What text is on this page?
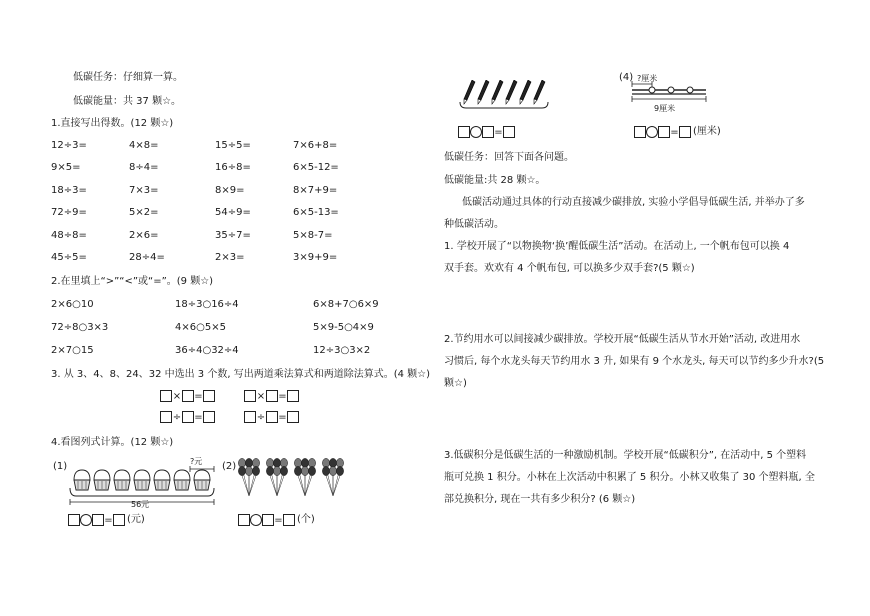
低碳任务：仔细算一算。
低碳能量：共 37 颗☆。
1.直接写出得数。(12 颗☆)
12÷3=	4×8=	15÷5=	7×6+8=
9×5=	8÷4=	16÷8=	6×5-12=
18÷3=	7×3=	8×9=	8×7+9=
72÷9=	5×2=	54÷9=	6×5-13=
48÷8=	2×6=	35÷7=	5×8-7=
45÷5=	28÷4=	2×3=	3×9+9=
2.在里填上“>”“<”或“=”。(9 颗☆)
2×6○10	18÷3○16÷4	6×8+7○6×9
72÷8○3×3	4×6○5×5	5×9-5○4×9
2×7○15	36÷4○32÷4	12÷3○3×2
3. 从 3、4、8、24、32 中选出 3 个数, 写出两道乘法算式和两道除法算式。(4 颗☆)
× =	× =
÷ =	÷ =
4.看图列式计算。(12 颗☆)
(1)	?元
56元
= (元)
(2)
= (个)
=
(4) ?厘米
9厘米
= (厘米)
低碳任务：回答下面各问题。
低碳能量:共 28 颗☆。
低碳活动通过具体的行动直接减少碳排放, 实验小学倡导低碳生活, 并举办了多
种低碳活动。
1. 学校开展了“以物换物‘换’醒低碳生活”活动。在活动上, 一个帆布包可以换 4
双手套。欢欢有 4 个帆布包, 可以换多少双手套?(5 颗☆)
2.节约用水可以间接减少碳排放。学校开展“低碳生活从节水开始”活动, 改进用水
习惯后, 每个水龙头每天节约用水 3 升, 如果有 9 个水龙头, 每天可以节约多少升水?(5
颗☆)
3.低碳积分是低碳生活的一种激励机制。学校开展“低碳积分”, 在活动中, 5 个塑料
瓶可兑换 1 积分。小林在上次活动中积累了 5 积分。小林又收集了 30 个塑料瓶, 全
部兑换积分, 现在一共有多少积分? (6 颗☆)
